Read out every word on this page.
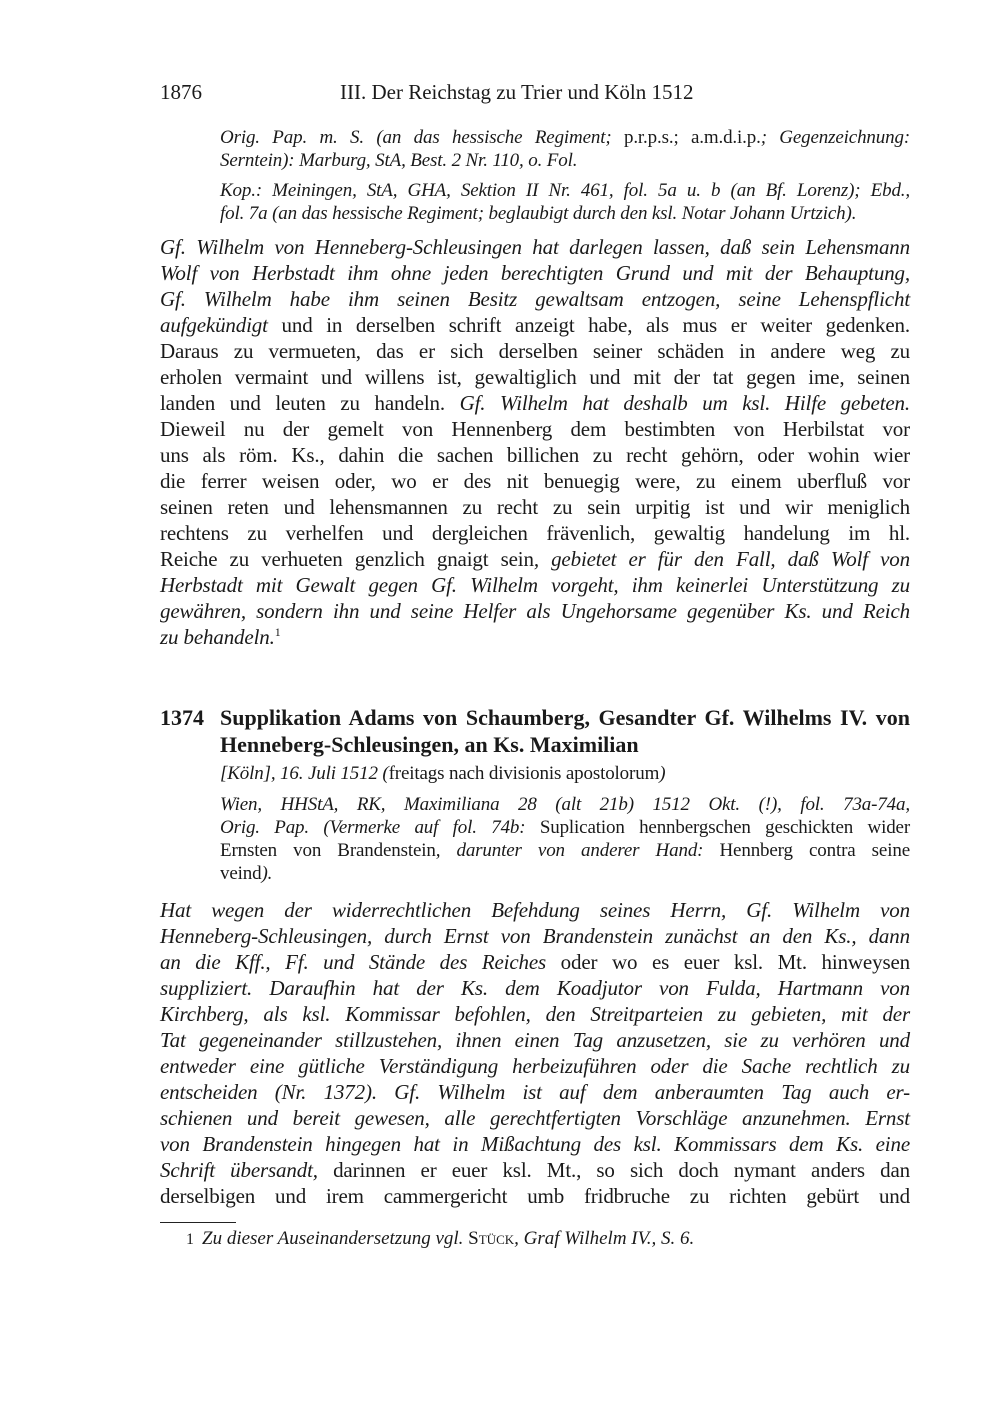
1876	III. Der Reichstag zu Trier und Köln 1512
Orig. Pap. m. S. (an das hessische Regiment; p.r.p.s.; a.m.d.i.p.; Gegenzeichnung:
Serntein): Marburg, StA, Best. 2 Nr. 110, o. Fol.
Kop.: Meiningen, StA, GHA, Sektion II Nr. 461, fol. 5a u. b (an Bf. Lorenz); Ebd.,
fol. 7a (an das hessische Regiment; beglaubigt durch den ksl. Notar Johann Urtzich).
Gf. Wilhelm von Henneberg-Schleusingen hat darlegen lassen, daß sein Lehensmann
Wolf von Herbstadt ihm ohne jeden berechtigten Grund und mit der Behauptung,
Gf. Wilhelm habe ihm seinen Besitz gewaltsam entzogen, seine Lehenspflicht
aufgekündigt und in derselben schrift anzeigt habe, als mus er weiter gedenken.
Daraus zu vermueten, das er sich derselben seiner schäden in andere weg zu
erholen vermaint und willens ist, gewaltiglich und mit der tat gegen ime, seinen
landen und leuten zu handeln. Gf. Wilhelm hat deshalb um ksl. Hilfe gebeten.
Dieweil nu der gemelt von Hennenberg dem bestimbten von Herbilstat vor
uns als röm. Ks., dahin die sachen billichen zu recht gehörn, oder wohin wier
die ferrer weisen oder, wo er des nit benuegig were, zu einem uberfluß vor
seinen reten und lehensmannen zu recht zu sein urpitig ist und wir meniglich
rechtens zu verhelfen und dergleichen frävenlich, gewaltig handelung im hl.
Reiche zu verhueten genzlich gnaigt sein, gebietet er für den Fall, daß Wolf von
Herbstadt mit Gewalt gegen Gf. Wilhelm vorgeht, ihm keinerlei Unterstützung zu
gewähren, sondern ihn und seine Helfer als Ungehorsame gegenüber Ks. und Reich
zu behandeln.$^1$
1374 Supplikation Adams von Schaumberg, Gesandter Gf. Wilhelms IV. von
Henneberg-Schleusingen, an Ks. Maximilian
[Köln], 16. Juli 1512 (freitags nach divisionis apostolorum)
Wien, HHStA, RK, Maximiliana 28 (alt 21b) 1512 Okt. (!), fol. 73a-74a,
Orig. Pap. (Vermerke auf fol. 74b: Suplication hennbergschen geschickten wider
Ernsten von Brandenstein, darunter von anderer Hand: Hennberg contra seine
veind).
Hat wegen der widerrechtlichen Befehdung seines Herrn, Gf. Wilhelm von
Henneberg-Schleusingen, durch Ernst von Brandenstein zunächst an den Ks., dann
an die Kff., Ff. und Stände des Reiches oder wo es euer ksl. Mt. hinweysen
suppliziert. Daraufhin hat der Ks. dem Koadjutor von Fulda, Hartmann von
Kirchberg, als ksl. Kommissar befohlen, den Streitparteien zu gebieten, mit der
Tat gegeneinander stillzustehen, ihnen einen Tag anzusetzen, sie zu verhören und
entweder eine gütliche Verständigung herbeizuführen oder die Sache rechtlich zu
entscheiden (Nr. 1372). Gf. Wilhelm ist auf dem anberaumten Tag auch er-
schienen und bereit gewesen, alle gerechtfertigten Vorschläge anzunehmen. Ernst
von Brandenstein hingegen hat in Mißachtung des ksl. Kommissars dem Ks. eine
Schrift übersandt, darinnen er euer ksl. Mt., so sich doch nymant anders dan
derselbigen und irem cammergericht umb fridbruche zu richten gebürt und
1 Zu dieser Auseinandersetzung vgl. Stück, Graf Wilhelm IV., S. 6.
